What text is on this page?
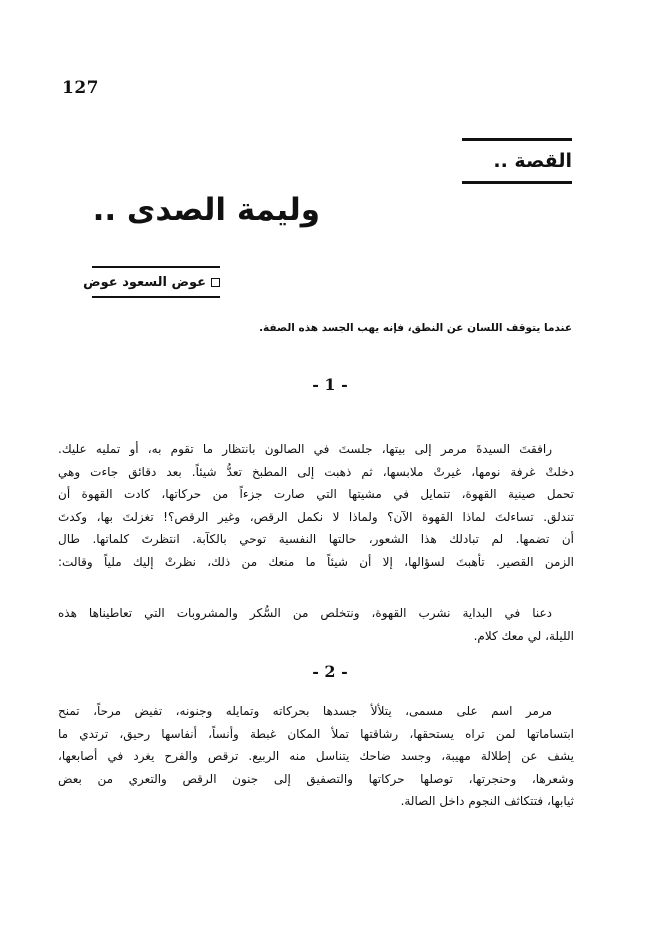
127
القصة ..
وليمة الصدى ..
عوض السعود عوض
عندما يتوقف اللسان عن النطق، فإنه يهب الجسد هذه الصفة.
- 1 -
رافقتَ السيدةَ مرمر إلى بيتها، جلستَ في الصالون بانتظار ما تقوم به، أو تمليه عليك.
دخلتْ غرفة نومها، غيرتْ ملابسها، ثم ذهبت إلى المطبخ تعدُّ شيئاً. بعد دقائق جاءت وهي
تحمل صينية القهوة، تتمايل في مشيتها التي صارت جزءاً من حركاتها، كادت القهوة أن
تندلق. تساءلتَ لماذا القهوة الآن؟ ولماذا لا نكمل الرقص، وغير الرقص؟! تغزلتَ بها، وكدتَ
أن تضمها. لم تبادلك هذا الشعور، حالتها النفسية توحي بالكآبة. انتظرتَ كلماتها. طال
الزمن القصير. تأهبتَ لسؤالها، إلا أن شيئاً ما منعك من ذلك، نظرتْ إليك ملياً وقالت:
دعنا في البداية نشرب القهوة، ونتخلص من السُّكر والمشروبات التي تعاطيناها هذه
الليلة، لي معك كلام.
- 2 -
مرمر اسم على مسمى، يتلألأ جسدها بحركاته وتمايله وجنونه، تفيض مرحاً، تمنح
ابتساماتها لمن تراه يستحقها، رشاقتها تملأ المكان غبطة وأنساً، أنفاسها رحيق، ترتدي ما
يشف عن إطلالة مهيبة، وجسد ضاحك يتناسل منه الربيع. ترقص والفرح يغرد في أصابعها،
وشعرها، وحنجرتها، توصلها حركاتها والتصفيق إلى جنون الرقص والتعري من بعض
ثيابها، فتتكاثف النجوم داخل الصالة.
